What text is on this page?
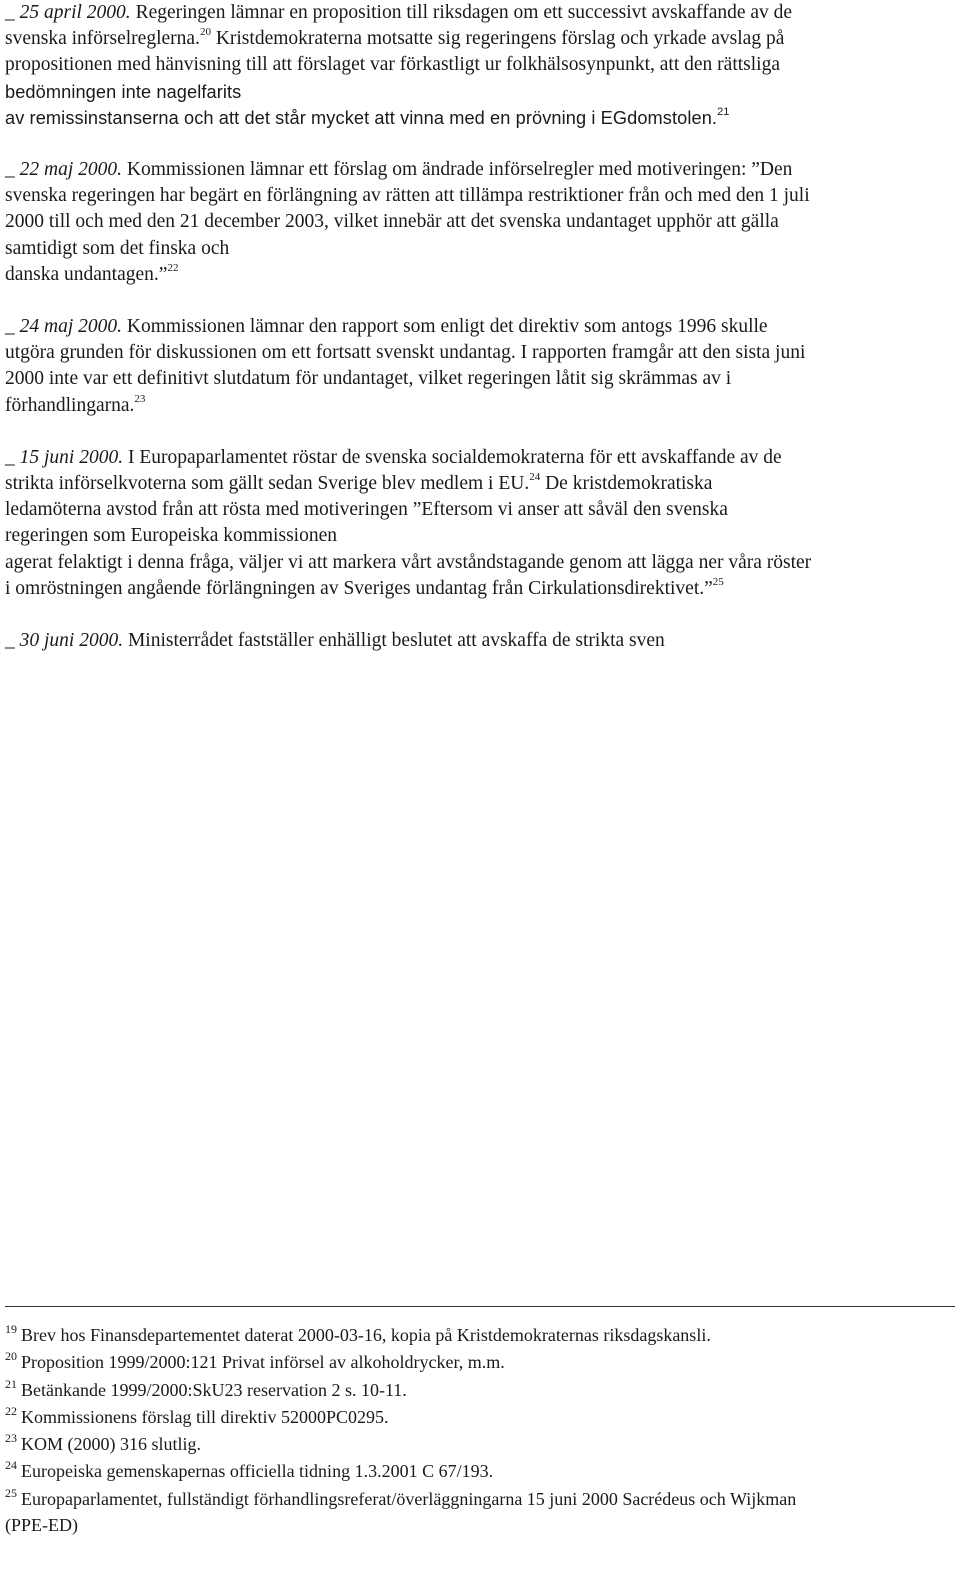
_ 25 april 2000. Regeringen lämnar en proposition till riksdagen om ett successivt avskaffande av de

svenska införselreglerna.$^{20}$ Kristdemokraterna motsatte sig regeringens förslag och yrkade avslag på

propositionen med hänvisning till att förslaget var förkastligt ur folkhälsosynpunkt, att den rättsliga

bedömningen inte nagelfarits

av remissinstanserna och att det står mycket att vinna med en prövning i EGdomstolen.$^{21}$

_ 22 maj 2000. Kommissionen lämnar ett förslag om ändrade införselregler med motiveringen: ”Den

svenska regeringen har begärt en förlängning av rätten att tillämpa restriktioner från och med den 1 juli

2000 till och med den 21 december 2003, vilket innebär att det svenska undantaget upphör att gälla

samtidigt som det finska och

danska undantagen.”$^{22}$

_ 24 maj 2000. Kommissionen lämnar den rapport som enligt det direktiv som antogs 1996 skulle

utgöra grunden för diskussionen om ett fortsatt svenskt undantag. I rapporten framgår att den sista juni

2000 inte var ett definitivt slutdatum för undantaget, vilket regeringen låtit sig skrämmas av i

förhandlingarna.$^{23}$

_ 15 juni 2000. I Europaparlamentet röstar de svenska socialdemokraterna för ett avskaffande av de

strikta införselkvoterna som gällt sedan Sverige blev medlem i EU.$^{24}$ De kristdemokratiska

ledamöterna avstod från att rösta med motiveringen ”Eftersom vi anser att såväl den svenska

regeringen som Europeiska kommissionen

agerat felaktigt i denna fråga, väljer vi att markera vårt avståndstagande genom att lägga ner våra röster

i omröstningen angående förlängningen av Sveriges undantag från Cirkulationsdirektivet.”$^{25}$

_ 30 juni 2000. Ministerrådet fastställer enhälligt beslutet att avskaffa de strikta sven

$^{19}$ Brev hos Finansdepartementet daterat 2000-03-16, kopia på Kristdemokraternas riksdagskansli.

$^{20}$ Proposition 1999/2000:121 Privat införsel av alkoholdrycker, m.m.

$^{21}$ Betänkande 1999/2000:SkU23 reservation 2 s. 10-11.

$^{22}$ Kommissionens förslag till direktiv 52000PC0295.

$^{23}$ KOM (2000) 316 slutlig.

$^{24}$ Europeiska gemenskapernas officiella tidning 1.3.2001 C 67/193.

$^{25}$ Europaparlamentet, fullständigt förhandlingsreferat/överläggningarna 15 juni 2000 Sacrédeus och Wijkman
(PPE-ED)
